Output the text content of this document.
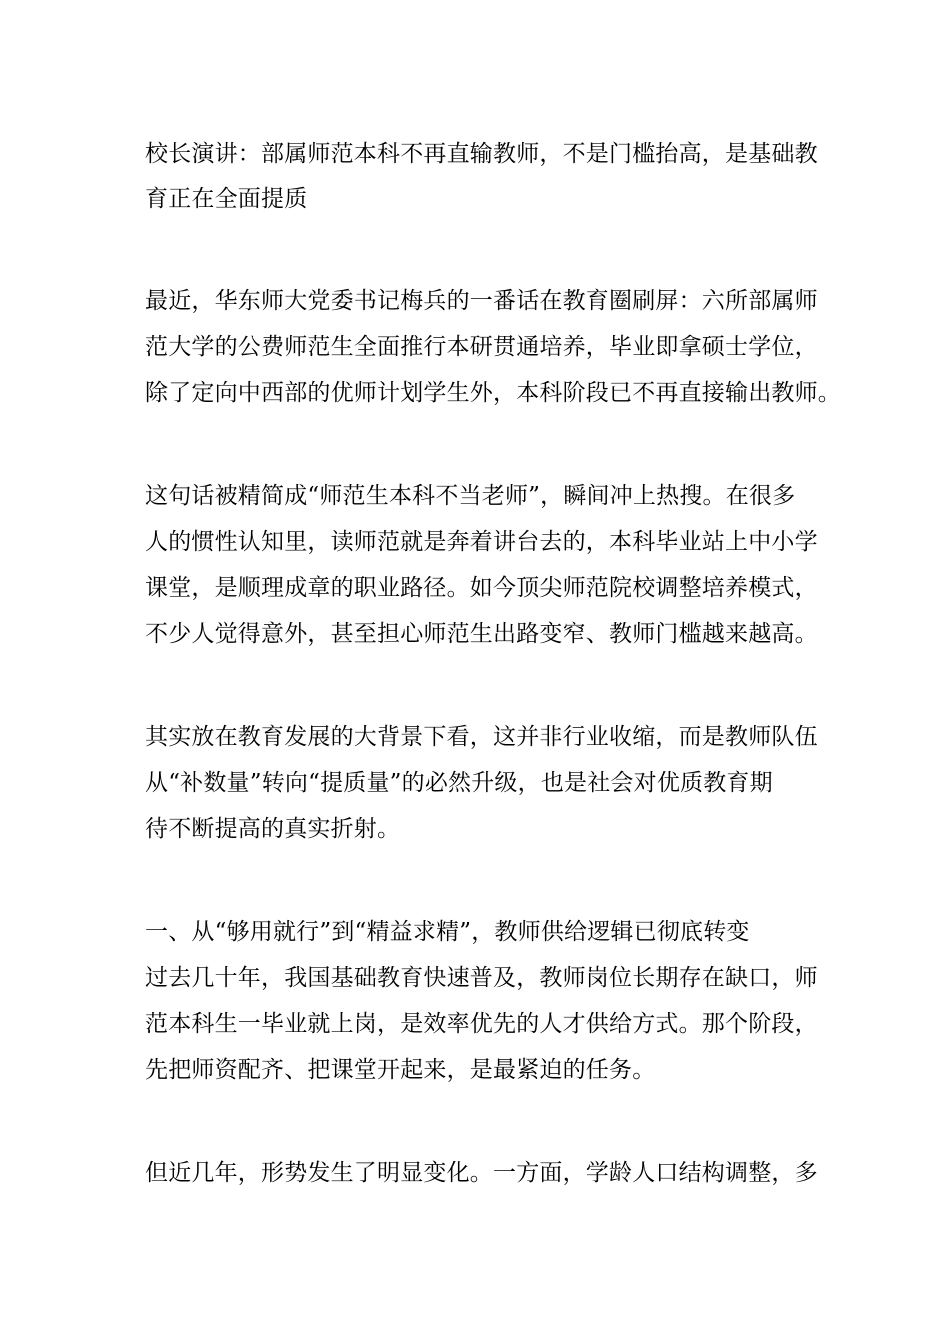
校长演讲：部属师范本科不再直输教师，不是门槛抬高，是基础教
育正在全面提质
最近，华东师大党委书记梅兵的一番话在教育圈刷屏：六所部属师
范大学的公费师范生全面推行本研贯通培养，毕业即拿硕士学位，
除了定向中西部的优师计划学生外，本科阶段已不再直接输出教师。
这句话被精简成“师范生本科不当老师”，瞬间冲上热搜。在很多
人的惯性认知里，读师范就是奔着讲台去的，本科毕业站上中小学
课堂，是顺理成章的职业路径。如今顶尖师范院校调整培养模式，
不少人觉得意外，甚至担心师范生出路变窄、教师门槛越来越高。
其实放在教育发展的大背景下看，这并非行业收缩，而是教师队伍
从“补数量”转向“提质量”的必然升级，也是社会对优质教育期
待不断提高的真实折射。
一、从“够用就行”到“精益求精”，教师供给逻辑已彻底转变
过去几十年，我国基础教育快速普及，教师岗位长期存在缺口，师
范本科生一毕业就上岗，是效率优先的人才供给方式。那个阶段，
先把师资配齐、把课堂开起来，是最紧迫的任务。
但近几年，形势发生了明显变化。一方面，学龄人口结构调整，多
